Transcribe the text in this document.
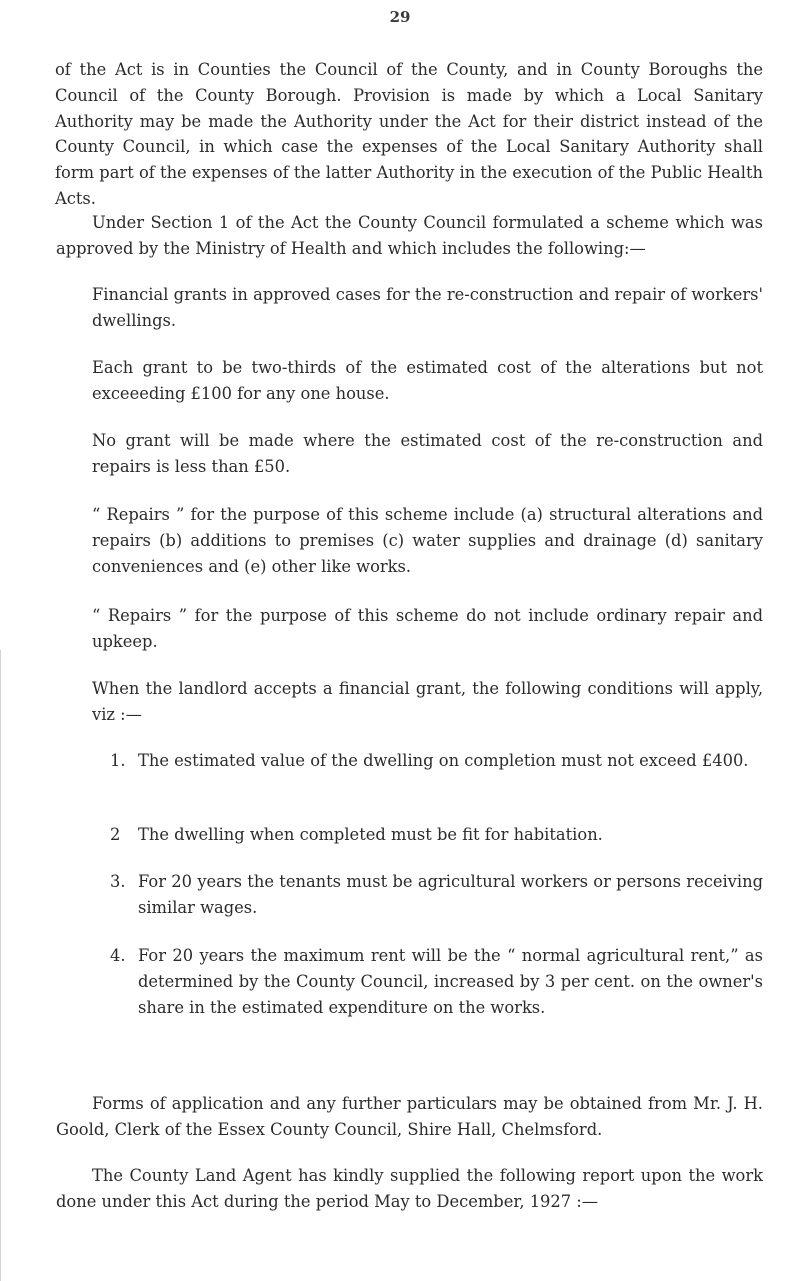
29

of the Act is in Counties the Council of the County, and in County Boroughs the Council of the County Borough. Provision is made by which a Local Sanitary Authority may be made the Authority under the Act for their district instead of the County Council, in which case the expenses of the Local Sanitary Authority shall form part of the expenses of the latter Authority in the execution of the Public Health Acts.

Under Section 1 of the Act the County Council formulated a scheme which was approved by the Ministry of Health and which includes the following:—

Financial grants in approved cases for the re-construction and repair of workers' dwellings.

Each grant to be two-thirds of the estimated cost of the alterations but not exceeeding £100 for any one house.

No grant will be made where the estimated cost of the re-construction and repairs is less than £50.

“ Repairs ” for the purpose of this scheme include (a) structural alterations and repairs (b) additions to premises (c) water supplies and drainage (d) sanitary conveniences and (e) other like works.

“ Repairs ” for the purpose of this scheme do not include ordinary repair and upkeep.

When the landlord accepts a financial grant, the following conditions will apply, viz :—

1. The estimated value of the dwelling on completion must not exceed £400.
2 The dwelling when completed must be fit for habitation.
3. For 20 years the tenants must be agricultural workers or persons receiving similar wages.
4. For 20 years the maximum rent will be the “ normal agricultural rent,” as determined by the County Council, increased by 3 per cent. on the owner's share in the estimated expenditure on the works.

Forms of application and any further particulars may be obtained from Mr. J. H. Goold, Clerk of the Essex County Council, Shire Hall, Chelmsford.

The County Land Agent has kindly supplied the following report upon the work done under this Act during the period May to December, 1927 :—
